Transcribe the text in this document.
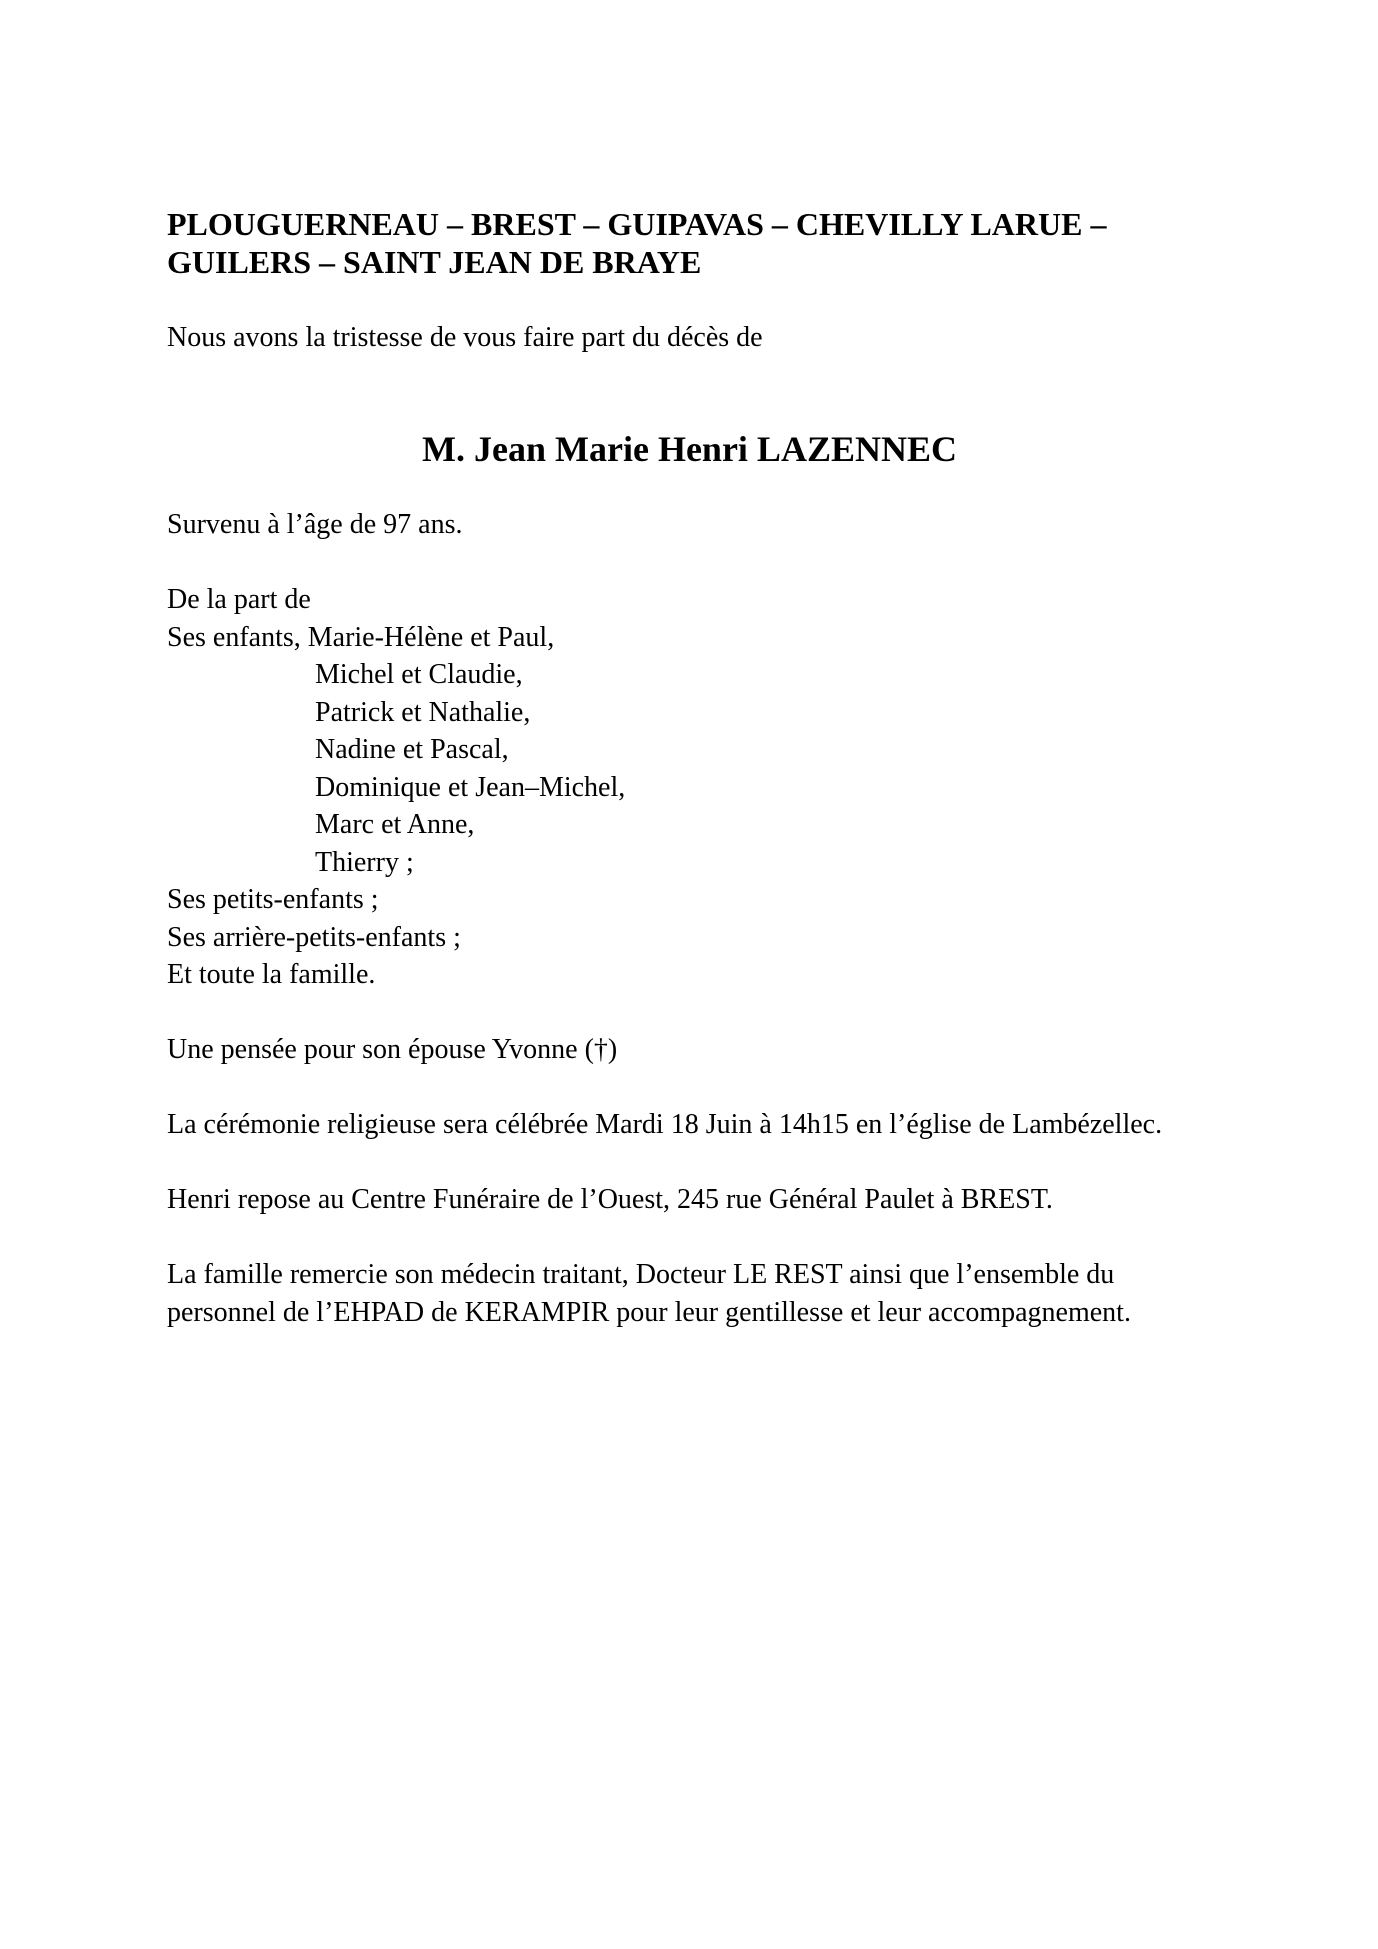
PLOUGUERNEAU – BREST – GUIPAVAS – CHEVILLY LARUE –
GUILERS – SAINT JEAN DE BRAYE

Nous avons la tristesse de vous faire part du décès de

M. Jean Marie Henri LAZENNEC

Survenu à l’âge de 97 ans.

De la part de
Ses enfants, Marie-Hélène et Paul,
Michel et Claudie,
Patrick et Nathalie,
Nadine et Pascal,
Dominique et Jean–Michel,
Marc et Anne,
Thierry ;
Ses petits-enfants ;
Ses arrière-petits-enfants ;
Et toute la famille.

Une pensée pour son épouse Yvonne (†)

La cérémonie religieuse sera célébrée Mardi 18 Juin à 14h15 en l’église de Lambézellec.

Henri repose au Centre Funéraire de l’Ouest, 245 rue Général Paulet à BREST.

La famille remercie son médecin traitant, Docteur LE REST ainsi que l’ensemble du personnel de l’EHPAD de KERAMPIR pour leur gentillesse et leur accompagnement.
